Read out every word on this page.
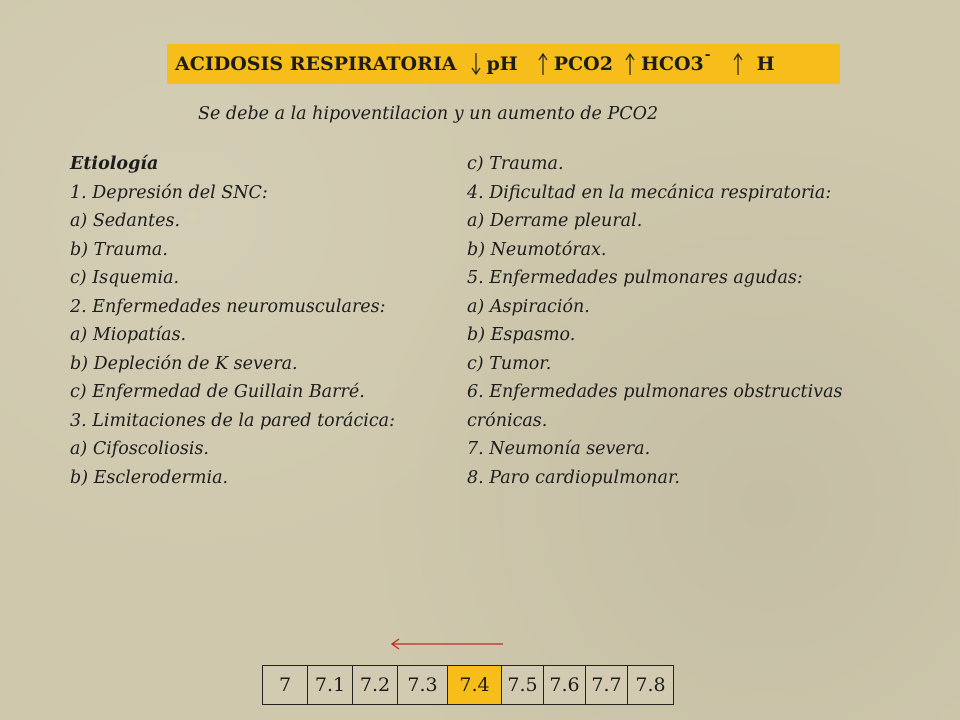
ACIDOSIS RESPIRATORIA pH PCO2 HCO3 - H
Se debe a la hipoventilacion y un aumento de PCO2
Etiología
1. Depresión del SNC:
a) Sedantes.
b) Trauma.
c) Isquemia.
2. Enfermedades neuromusculares:
a) Miopatías.
b) Depleción de K severa.
c) Enfermedad de Guillain Barré.
3. Limitaciones de la pared torácica:
a) Cifoscoliosis.
b) Esclerodermia.
c) Trauma.
4. Dificultad en la mecánica respiratoria:
a) Derrame pleural.
b) Neumotórax.
5. Enfermedades pulmonares agudas:
a) Aspiración.
b) Espasmo.
c) Tumor.
6. Enfermedades pulmonares obstructivas crónicas.
7. Neumonía severa.
8. Paro cardiopulmonar.
7	7.1 7.2 7.3	7.4 7.5 7.6 7.7 7.8
